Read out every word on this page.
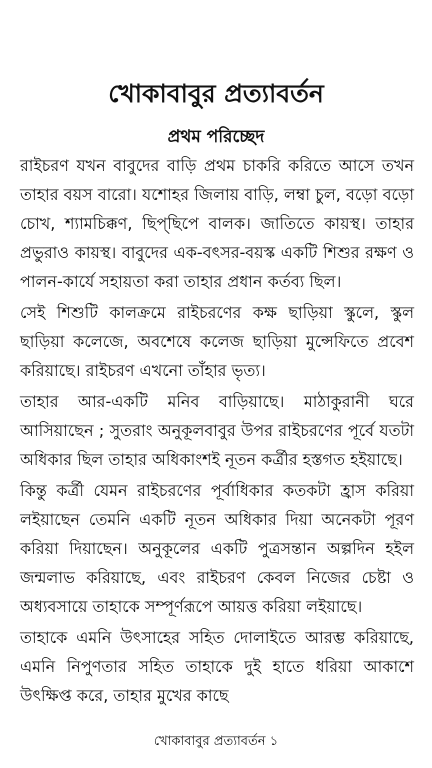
খোকাবাবুর প্রত্যাবর্তন
প্রথম পরিচ্ছেদ

রাইচরণ যখন বাবুদের বাড়ি প্রথম চাকরি করিতে আসে তখন তাহার বয়স বারো। যশোহর জিলায় বাড়ি, লম্বা চুল, বড়ো বড়ো চোখ, শ্যামচিক্কণ, ছিপ্‌ছিপে বালক। জাতিতে কায়স্থ। তাহার প্রভুরাও কায়স্থ। বাবুদের এক-বৎসর-বয়স্ক একটি শিশুর রক্ষণ ও পালন-কার্যে সহায়তা করা তাহার প্রধান কর্তব্য ছিল।

সেই শিশুটি কালক্রমে রাইচরণের কক্ষ ছাড়িয়া স্কুলে, স্কুল ছাড়িয়া কলেজে, অবশেষে কলেজ ছাড়িয়া মুন্সেফিতে প্রবেশ করিয়াছে। রাইচরণ এখনো তাঁহার ভৃত্য।

তাহার আর-একটি মনিব বাড়িয়াছে। মাঠাকুরানী ঘরে আসিয়াছেন ; সুতরাং অনুকূলবাবুর উপর রাইচরণের পূর্বে যতটা অধিকার ছিল তাহার অধিকাংশই নূতন কর্ত্রীর হস্তগত হইয়াছে।

কিন্তু কর্ত্রী যেমন রাইচরণের পূর্বাধিকার কতকটা হ্রাস করিয়া লইয়াছেন তেমনি একটি নূতন অধিকার দিয়া অনেকটা পূরণ করিয়া দিয়াছেন। অনুকূলের একটি পুত্রসন্তান অল্পদিন হইল জন্মলাভ করিয়াছে, এবং রাইচরণ কেবল নিজের চেষ্টা ও অধ্যবসায়ে তাহাকে সম্পূর্ণরূপে আয়ত্ত করিয়া লইয়াছে।

তাহাকে এমনি উৎসাহের সহিত দোলাইতে আরম্ভ করিয়াছে, এমনি নিপুণতার সহিত তাহাকে দুই হাতে ধরিয়া আকাশে উৎক্ষিপ্ত করে, তাহার মুখের কাছে

খোকাবাবুর প্রত্যাবর্তন ১
